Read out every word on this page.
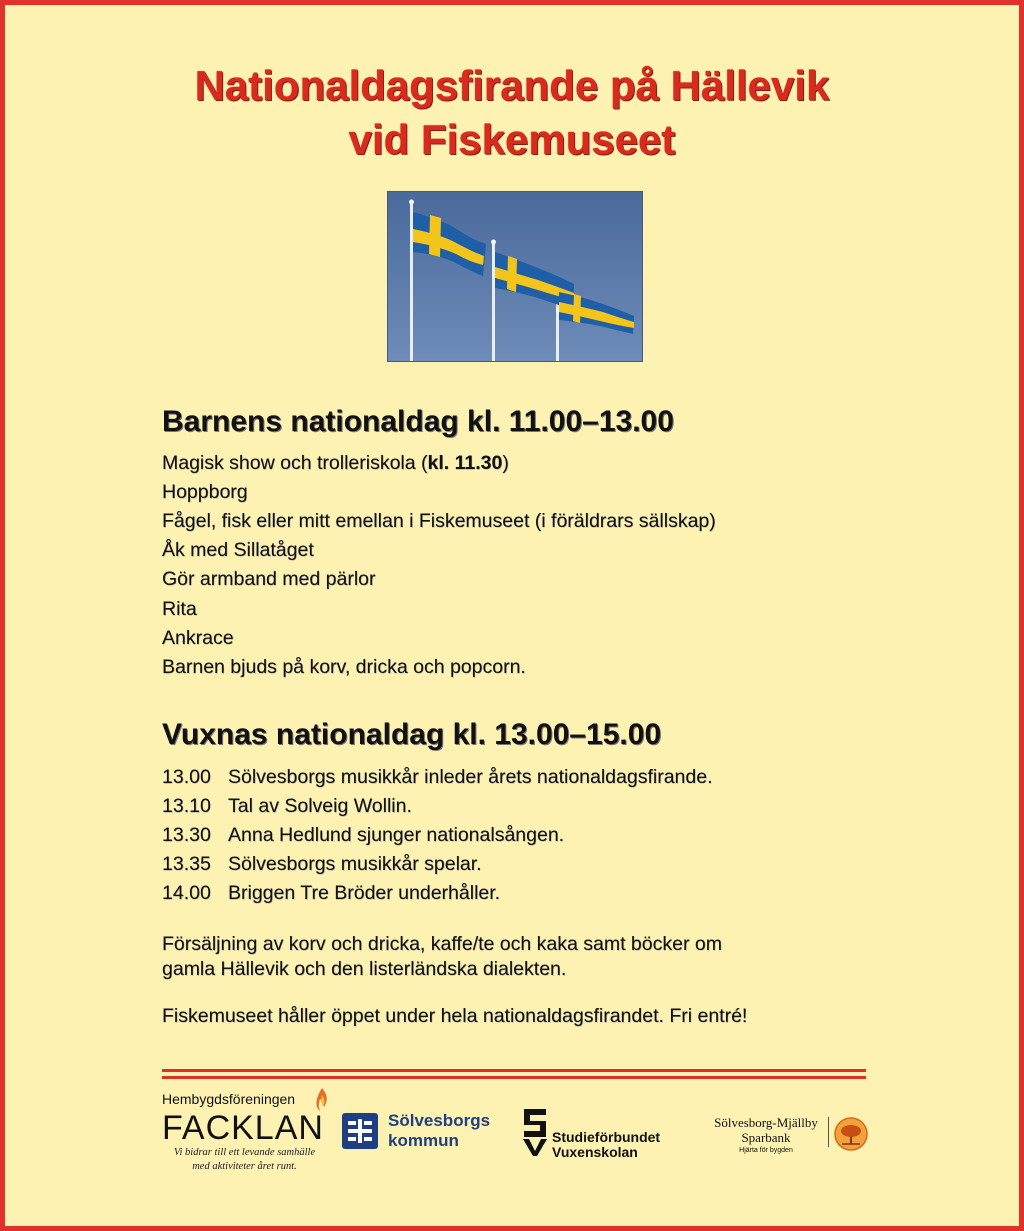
Nationaldagsfirande på Hällevik
vid Fiskemuseet
Barnens nationaldag kl. 11.00–13.00
Magisk show och trolleriskola (kl. 11.30)
Hoppborg
Fågel, fisk eller mitt emellan i Fiskemuseet (i föräldrars sällskap)
Åk med Sillatåget
Gör armband med pärlor
Rita
Ankrace
Barnen bjuds på korv, dricka och popcorn.
Vuxnas nationaldag kl. 13.00–15.00
13.00 Sölvesborgs musikkår inleder årets nationaldagsfirande.
13.10 Tal av Solveig Wollin.
13.30 Anna Hedlund sjunger nationalsången.
13.35 Sölvesborgs musikkår spelar.
14.00 Briggen Tre Bröder underhåller.
Försäljning av korv och dricka, kaffe/te och kaka samt böcker om
gamla Hällevik och den listerländska dialekten.
Fiskemuseet håller öppet under hela nationaldagsfirandet. Fri entré!
Hembygdsföreningen
FACKLAN
Vi bidrar till ett levande samhälle
med aktiviteter året runt.
Sölvesborgs
kommun	Studieförbundet
Vuxenskolan
Sölvesborg-Mjällby
Sparbank
Hjärta för bygden
